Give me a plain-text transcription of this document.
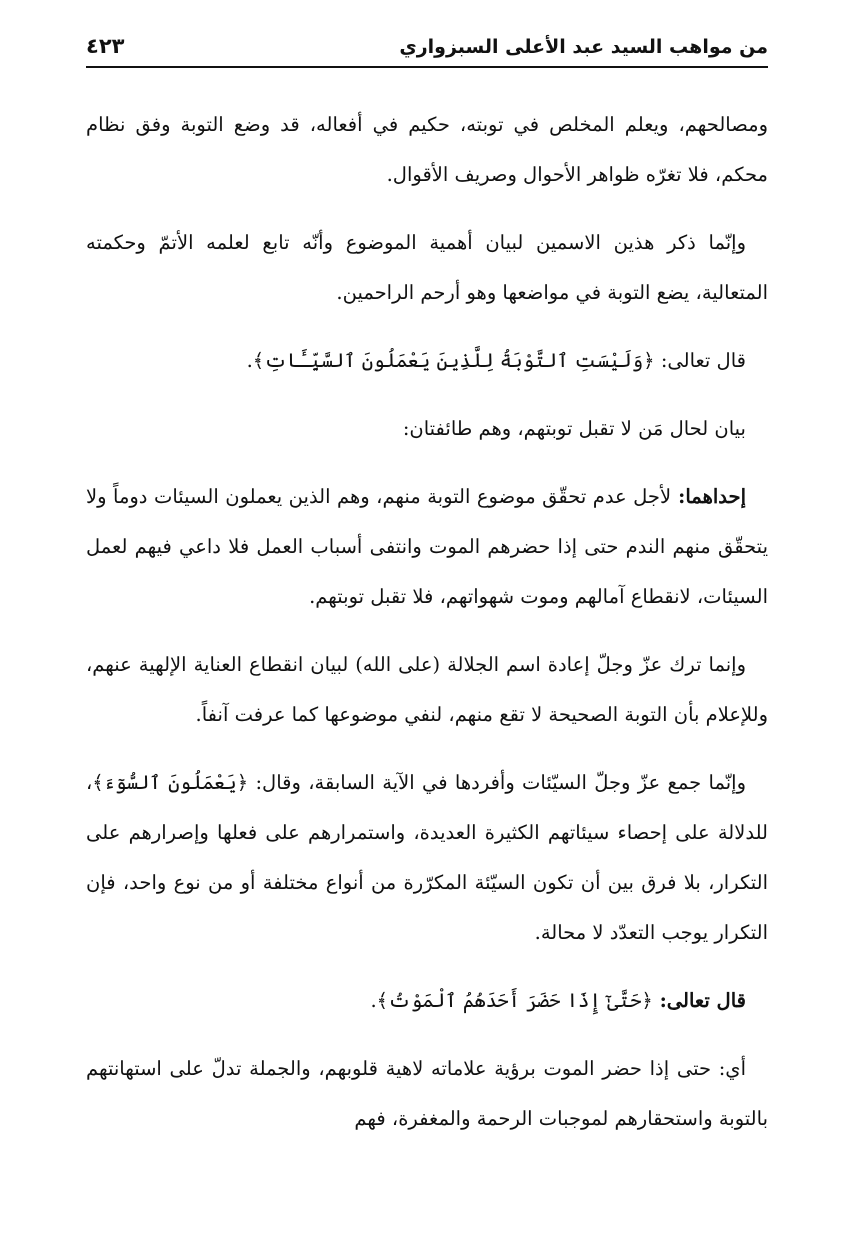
من مواهب السيد عبد الأعلى السبزواري
٤٢٣

ومصالحهم، ويعلم المخلص في توبته، حكيم في أفعاله، قد وضع التوبة وفق نظام محكم، فلا تغرّه ظواهر الأحوال وصريف الأقوال.

وإنّما ذكر هذين الاسمين لبيان أهمية الموضوع وأنّه تابع لعلمه الأتمّ وحكمته المتعالية، يضع التوبة في مواضعها وهو أرحم الراحمين.

قال تعالى: ﴿وَلَيْسَتِ ٱلتَّوْبَةُ لِلَّذِينَ يَعْمَلُونَ ٱلسَّيِّـَٔاتِ﴾.

بيان لحال مَن لا تقبل توبتهم، وهم طائفتان:

إحداهما: لأجل عدم تحقّق موضوع التوبة منهم، وهم الذين يعملون السيئات دوماً ولا يتحقّق منهم الندم حتى إذا حضرهم الموت وانتفى أسباب العمل فلا داعي فيهم لعمل السيئات، لانقطاع آمالهم وموت شهواتهم، فلا تقبل توبتهم.

وإنما ترك عزّ وجلّ إعادة اسم الجلالة (على الله) لبيان انقطاع العناية الإلهية عنهم، وللإعلام بأن التوبة الصحيحة لا تقع منهم، لنفي موضوعها كما عرفت آنفاً.

وإنّما جمع عزّ وجلّ السيّئات وأفردها في الآية السابقة، وقال: ﴿يَعْمَلُونَ ٱلسُّوٓءَ﴾، للدلالة على إحصاء سيئاتهم الكثيرة العديدة، واستمرارهم على فعلها وإصرارهم على التكرار، بلا فرق بين أن تكون السيّئة المكرّرة من أنواع مختلفة أو من نوع واحد، فإن التكرار يوجب التعدّد لا محالة.

قال تعالى: ﴿حَتَّىٰٓ إِذَا حَضَرَ أَحَدَهُمُ ٱلْمَوْتُ﴾.

أي: حتى إذا حضر الموت برؤية علاماته لاهية قلوبهم، والجملة تدلّ على استهانتهم بالتوبة واستحقارهم لموجبات الرحمة والمغفرة، فهم
